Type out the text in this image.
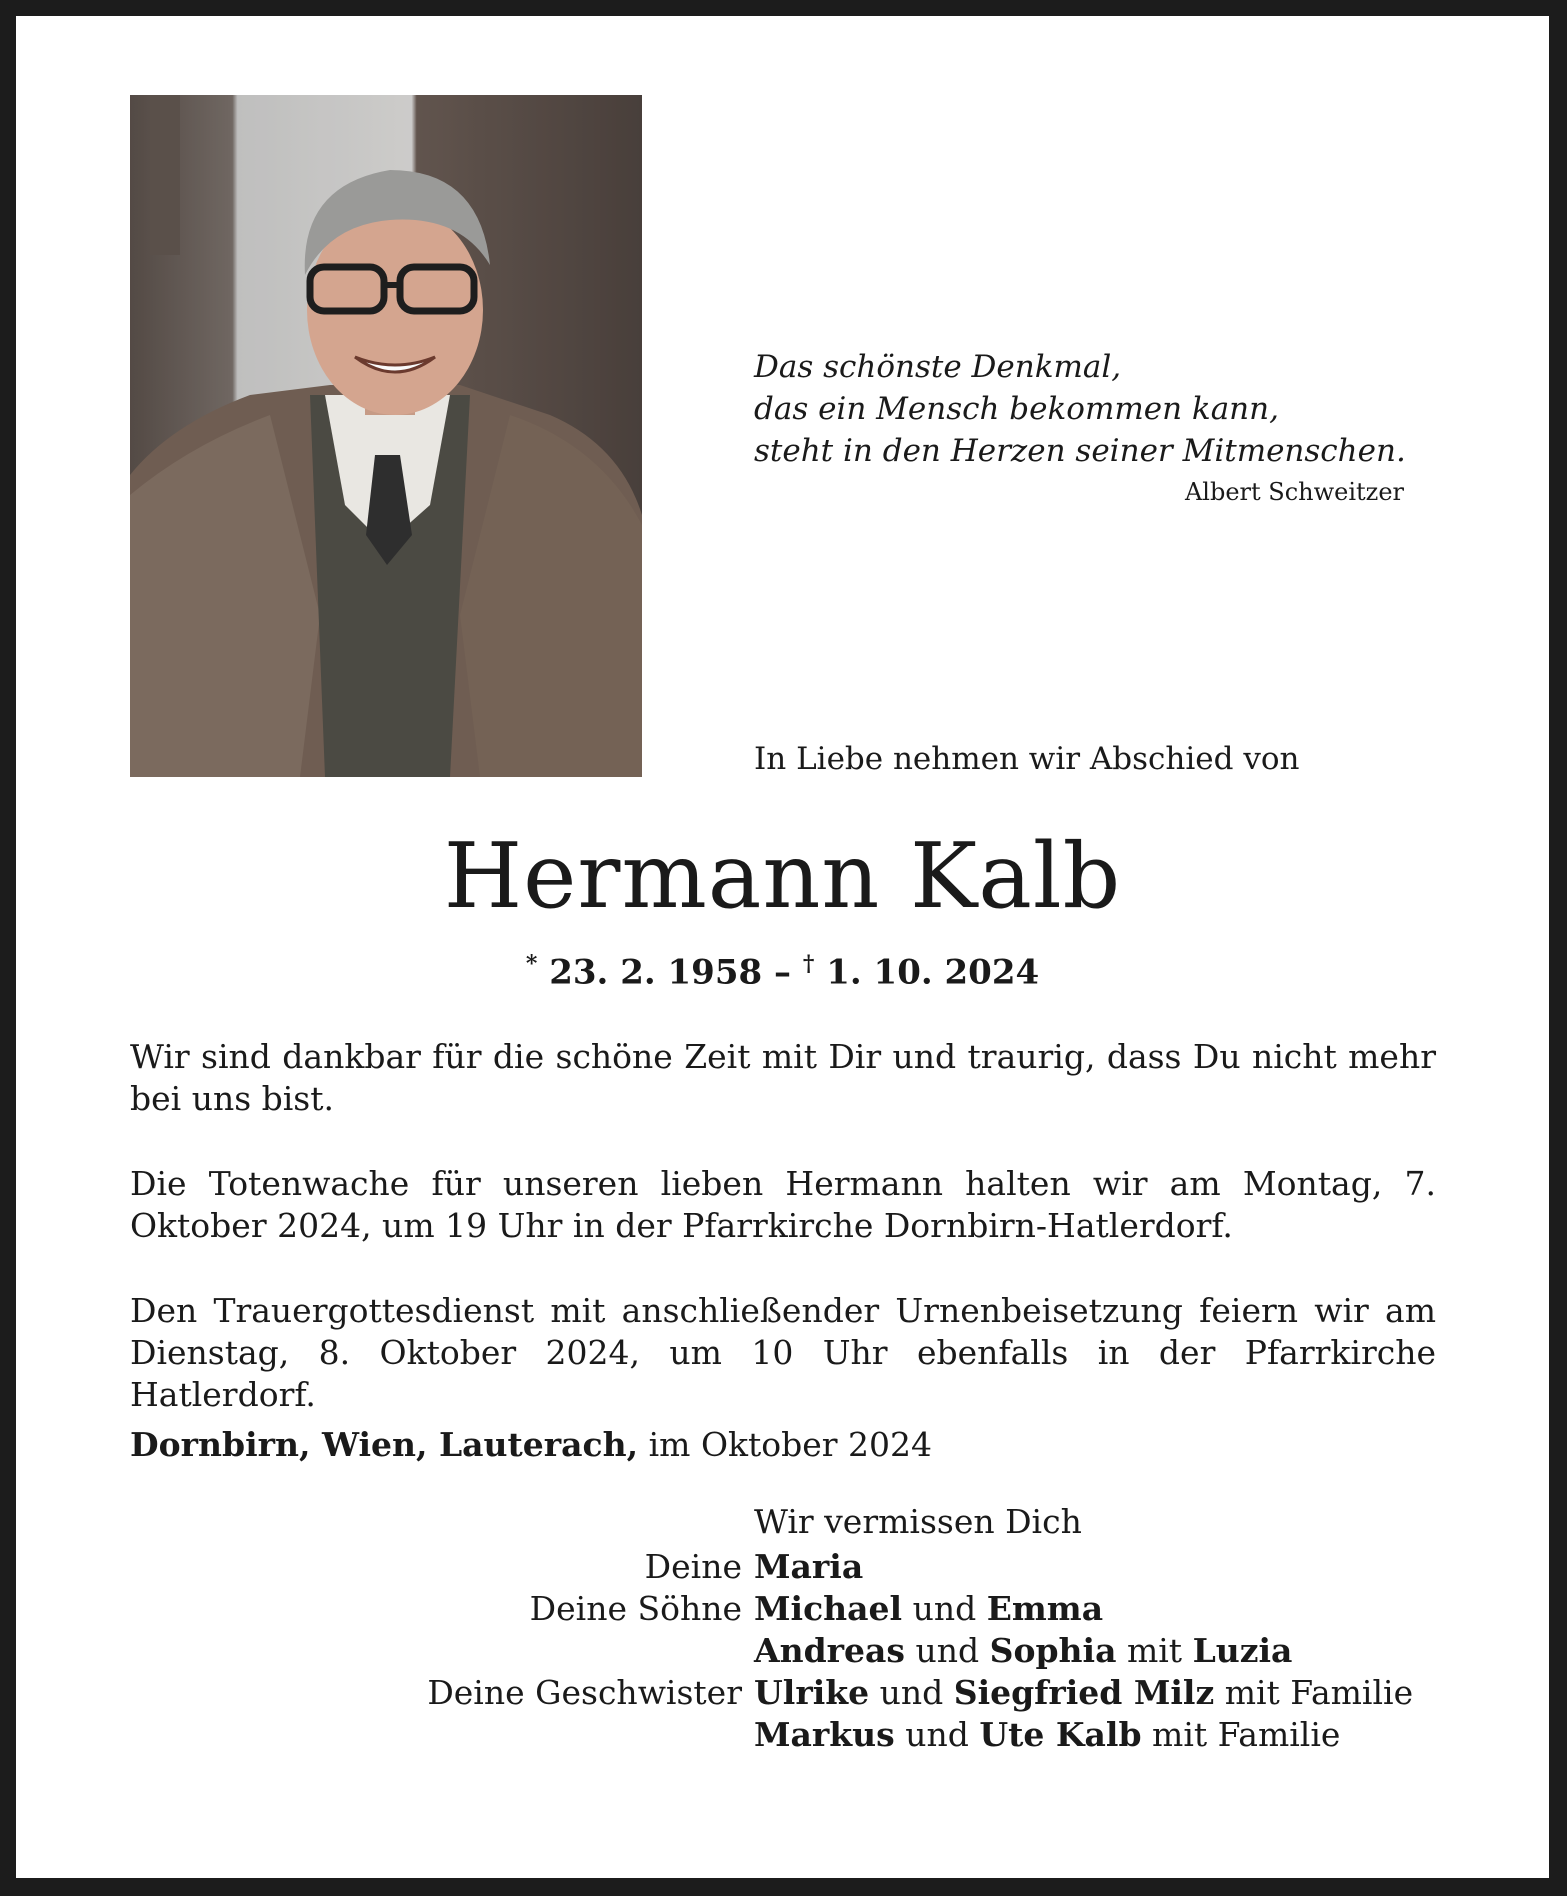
Das schönste Denkmal,
das ein Mensch bekommen kann,
steht in den Herzen seiner Mitmenschen.
Albert Schweitzer
In Liebe nehmen wir Abschied von
Hermann Kalb
* 23. 2. 1958 – † 1. 10. 2024
Wir sind dankbar für die schöne Zeit mit Dir und traurig, dass Du nicht mehr bei uns bist.
Die Totenwache für unseren lieben Hermann halten wir am Montag, 7. Oktober 2024, um 19 Uhr in der Pfarrkirche Dornbirn-Hatlerdorf.
Den Trauergottesdienst mit anschließender Urnenbeisetzung feiern wir am Dienstag, 8. Oktober 2024, um 10 Uhr ebenfalls in der Pfarrkirche Hatlerdorf.
Dornbirn, Wien, Lauterach, im Oktober 2024
Wir vermissen Dich
Deine Maria
Deine Söhne Michael und Emma
Andreas und Sophia mit Luzia
Deine Geschwister Ulrike und Siegfried Milz mit Familie
Markus und Ute Kalb mit Familie
